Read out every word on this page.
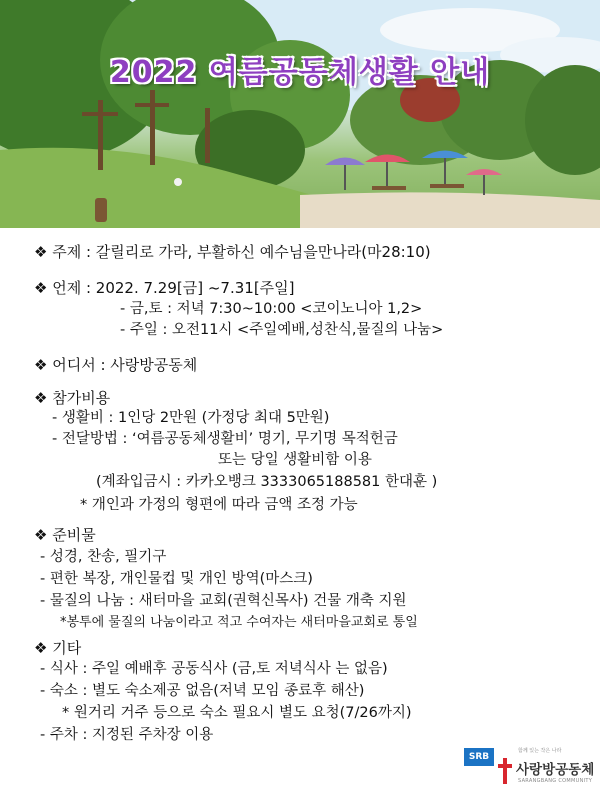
2022 여름공동체생활 안내
❖ 주제 : 갈릴리로 가라, 부활하신 예수님을만나라(마28:10)
❖ 언제 : 2022. 7.29[금] ~7.31[주일]
- 금,토 : 저녁 7:30~10:00 <코이노니아 1,2>
- 주일 : 오전11시 <주일예배,성찬식,물질의 나눔>
❖ 어디서 : 사랑방공동체
❖ 참가비용
- 생활비 : 1인당 2만원 (가정당 최대 5만원)
- 전달방법 : ‘여름공동체생활비’ 명기, 무기명 목적헌금
또는 당일 생활비함 이용
(계좌입금시 : 카카오뱅크 3333065188581 한대훈 )
* 개인과 가정의 형편에 따라 금액 조정 가능
❖ 준비물
- 성경, 찬송, 필기구
- 편한 복장, 개인물컵 및 개인 방역(마스크)
- 물질의 나눔 : 새터마을 교회(권혁신목사) 건물 개축 지원
*봉투에 물질의 나눔이라고 적고 수여자는 새터마을교회로 통일
❖ 기타
- 식사 : 주일 예배후 공동식사 (금,토 저녁식사 는 없음)
- 숙소 : 별도 숙소제공 없음(저녁 모임 종료후 해산)
* 원거리 거주 등으로 숙소 필요시 별도 요청(7/26까지)
- 주차 : 지정된 주차장 이용
SRB
함께 있는 작은 나라
사랑방공동체
SARANGBANG COMMUNITY
